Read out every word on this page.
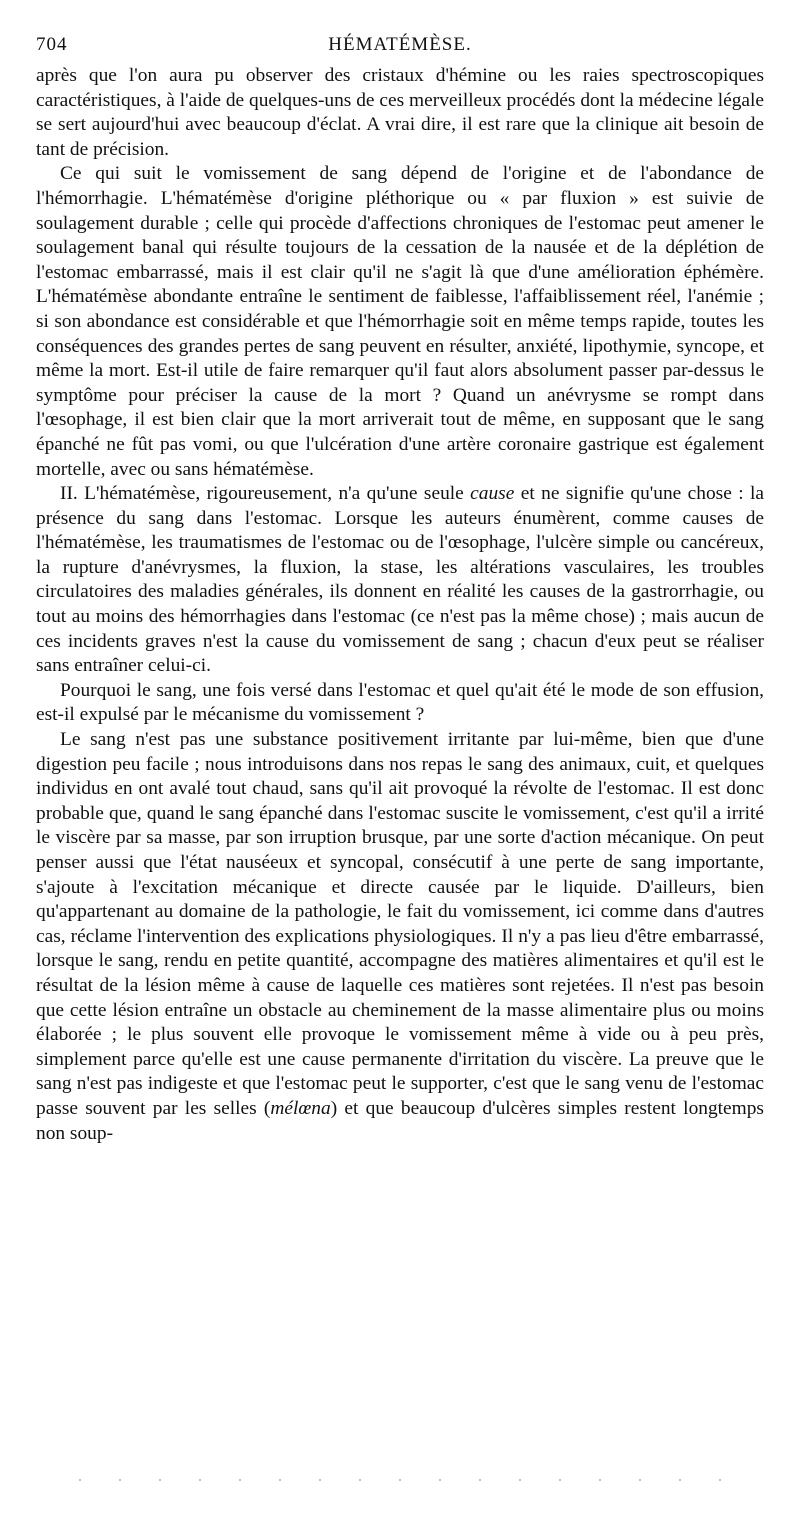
704	HÉMATÉMÈSE.

après que l'on aura pu observer des cristaux d'hémine ou les raies spectroscopiques caractéristiques, à l'aide de quelques-uns de ces merveilleux procédés dont la médecine légale se sert aujourd'hui avec beaucoup d'éclat. A vrai dire, il est rare que la clinique ait besoin de tant de précision.

Ce qui suit le vomissement de sang dépend de l'origine et de l'abondance de l'hémorrhagie. L'hématémèse d'origine pléthorique ou « par fluxion » est suivie de soulagement durable ; celle qui procède d'affections chroniques de l'estomac peut amener le soulagement banal qui résulte toujours de la cessation de la nausée et de la déplétion de l'estomac embarrassé, mais il est clair qu'il ne s'agit là que d'une amélioration éphémère. L'hématémèse abondante entraîne le sentiment de faiblesse, l'affaiblissement réel, l'anémie ; si son abondance est considérable et que l'hémorrhagie soit en même temps rapide, toutes les conséquences des grandes pertes de sang peuvent en résulter, anxiété, lipothymie, syncope, et même la mort. Est-il utile de faire remarquer qu'il faut alors absolument passer par-dessus le symptôme pour préciser la cause de la mort ? Quand un anévrysme se rompt dans l'œsophage, il est bien clair que la mort arriverait tout de même, en supposant que le sang épanché ne fût pas vomi, ou que l'ulcération d'une artère coronaire gastrique est également mortelle, avec ou sans hématémèse.

II. L'hématémèse, rigoureusement, n'a qu'une seule cause et ne signifie qu'une chose : la présence du sang dans l'estomac. Lorsque les auteurs énumèrent, comme causes de l'hématémèse, les traumatismes de l'estomac ou de l'œsophage, l'ulcère simple ou cancéreux, la rupture d'anévrysmes, la fluxion, la stase, les altérations vasculaires, les troubles circulatoires des maladies générales, ils donnent en réalité les causes de la gastrorrhagie, ou tout au moins des hémorrhagies dans l'estomac (ce n'est pas la même chose) ; mais aucun de ces incidents graves n'est la cause du vomissement de sang ; chacun d'eux peut se réaliser sans entraîner celui-ci.

Pourquoi le sang, une fois versé dans l'estomac et quel qu'ait été le mode de son effusion, est-il expulsé par le mécanisme du vomissement ?

Le sang n'est pas une substance positivement irritante par lui-même, bien que d'une digestion peu facile ; nous introduisons dans nos repas le sang des animaux, cuit, et quelques individus en ont avalé tout chaud, sans qu'il ait provoqué la révolte de l'estomac. Il est donc probable que, quand le sang épanché dans l'estomac suscite le vomissement, c'est qu'il a irrité le viscère par sa masse, par son irruption brusque, par une sorte d'action mécanique. On peut penser aussi que l'état nauséeux et syncopal, consécutif à une perte de sang importante, s'ajoute à l'excitation mécanique et directe causée par le liquide. D'ailleurs, bien qu'appartenant au domaine de la pathologie, le fait du vomissement, ici comme dans d'autres cas, réclame l'intervention des explications physiologiques. Il n'y a pas lieu d'être embarrassé, lorsque le sang, rendu en petite quantité, accompagne des matières alimentaires et qu'il est le résultat de la lésion même à cause de laquelle ces matières sont rejetées. Il n'est pas besoin que cette lésion entraîne un obstacle au cheminement de la masse alimentaire plus ou moins élaborée ; le plus souvent elle provoque le vomissement même à vide ou à peu près, simplement parce qu'elle est une cause permanente d'irritation du viscère. La preuve que le sang n'est pas indigeste et que l'estomac peut le supporter, c'est que le sang venu de l'estomac passe souvent par les selles (mélœna) et que beaucoup d'ulcères simples restent longtemps non soup-
